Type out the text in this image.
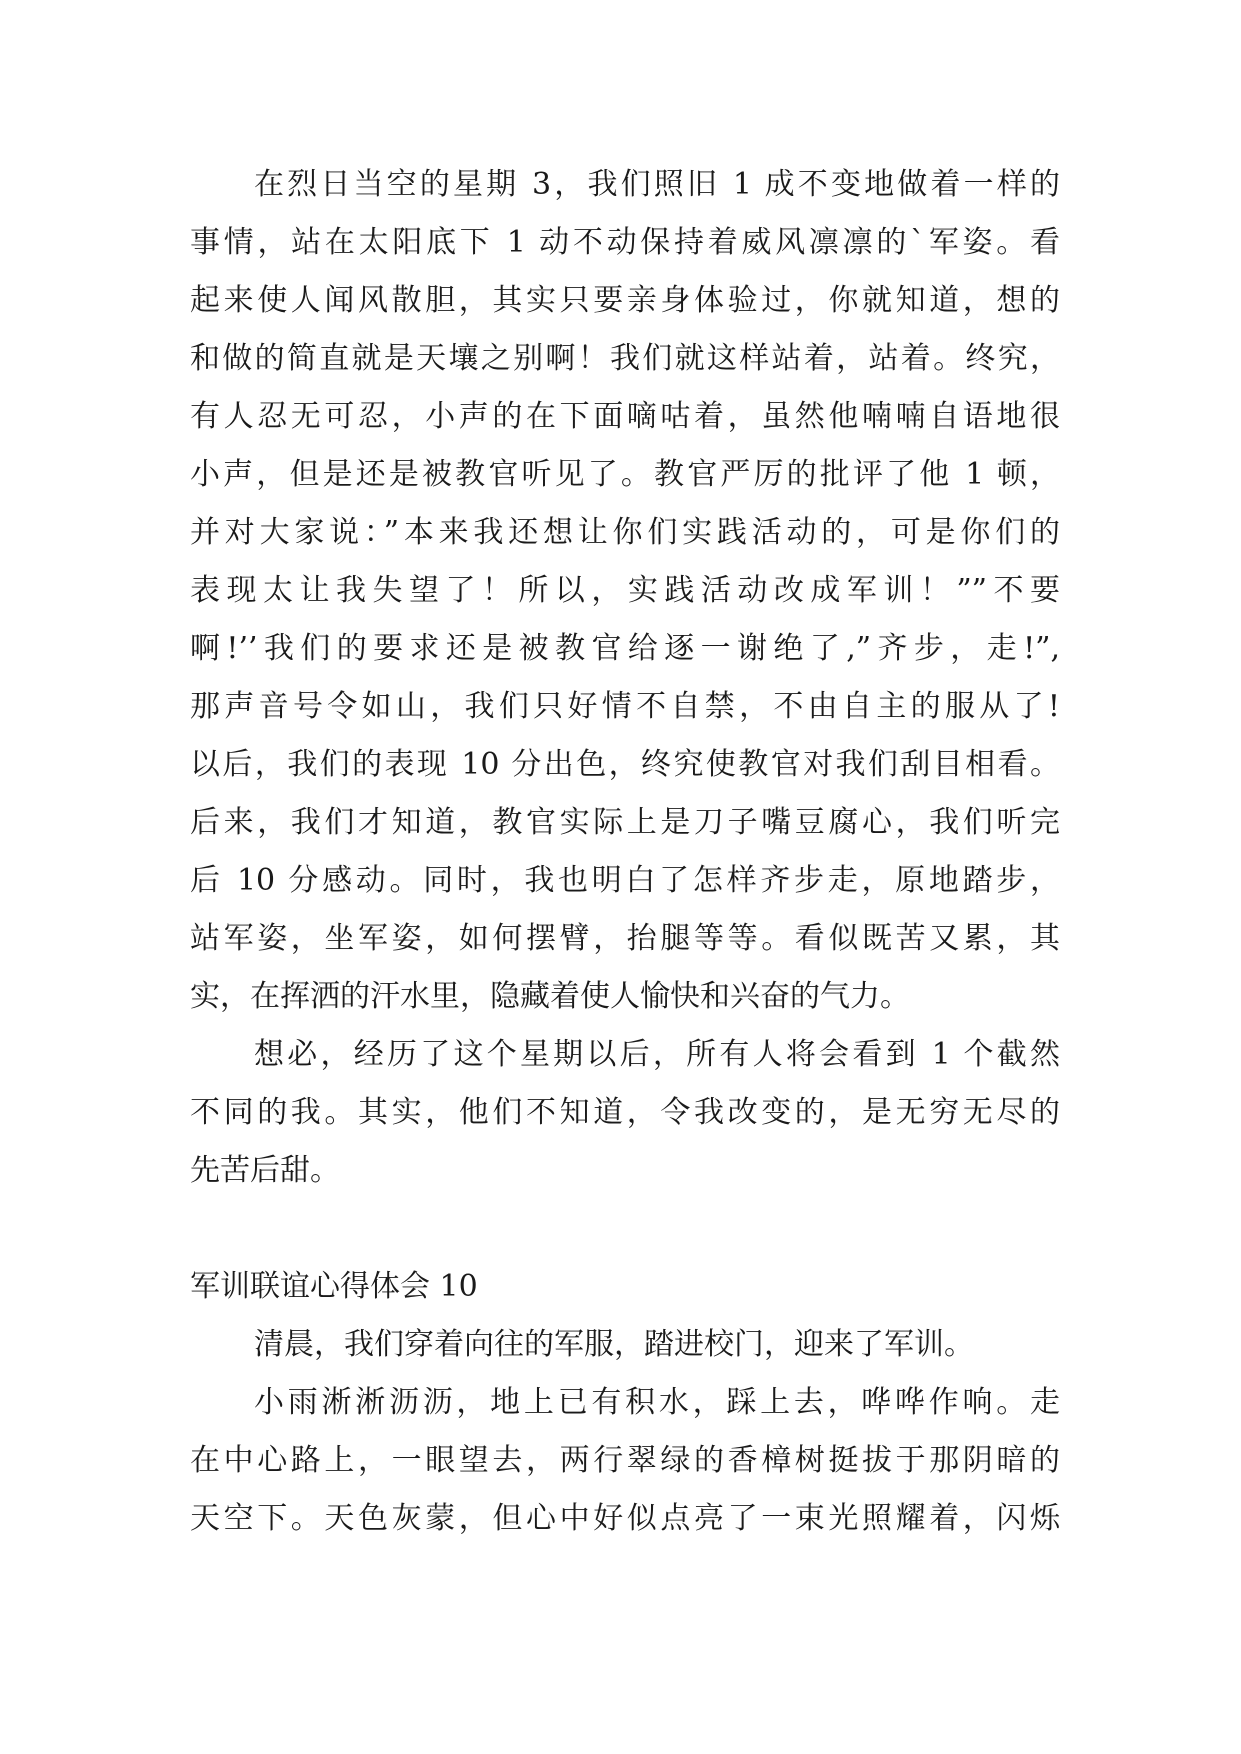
在烈日当空的星期 3，我们照旧 1 成不变地做着一样的
事情，站在太阳底下 1 动不动保持着威风凛凛的`军姿。看
起来使人闻风散胆，其实只要亲身体验过，你就知道，想的
和做的简直就是天壤之别啊！我们就这样站着，站着。终究，
有人忍无可忍，小声的在下面嘀咕着，虽然他喃喃自语地很
小声，但是还是被教官听见了。教官严厉的批评了他 1 顿，
并对大家说：”本来我还想让你们实践活动的，可是你们的
表现太让我失望了！所以，实践活动改成军训！””不要
啊!’’我们的要求还是被教官给逐一谢绝了,”齐步，走!”,
那声音号令如山，我们只好情不自禁，不由自主的服从了!
以后，我们的表现 10 分出色，终究使教官对我们刮目相看。
后来，我们才知道，教官实际上是刀子嘴豆腐心，我们听完
后 10 分感动。同时，我也明白了怎样齐步走，原地踏步，
站军姿，坐军姿，如何摆臂，抬腿等等。看似既苦又累，其
实，在挥洒的汗水里，隐藏着使人愉快和兴奋的气力。
想必，经历了这个星期以后，所有人将会看到 1 个截然
不同的我。其实，他们不知道，令我改变的，是无穷无尽的
先苦后甜。
军训联谊心得体会 10
清晨，我们穿着向往的军服，踏进校门，迎来了军训。
小雨淅淅沥沥，地上已有积水，踩上去，哗哗作响。走
在中心路上，一眼望去，两行翠绿的香樟树挺拔于那阴暗的
天空下。天色灰蒙，但心中好似点亮了一束光照耀着，闪烁
